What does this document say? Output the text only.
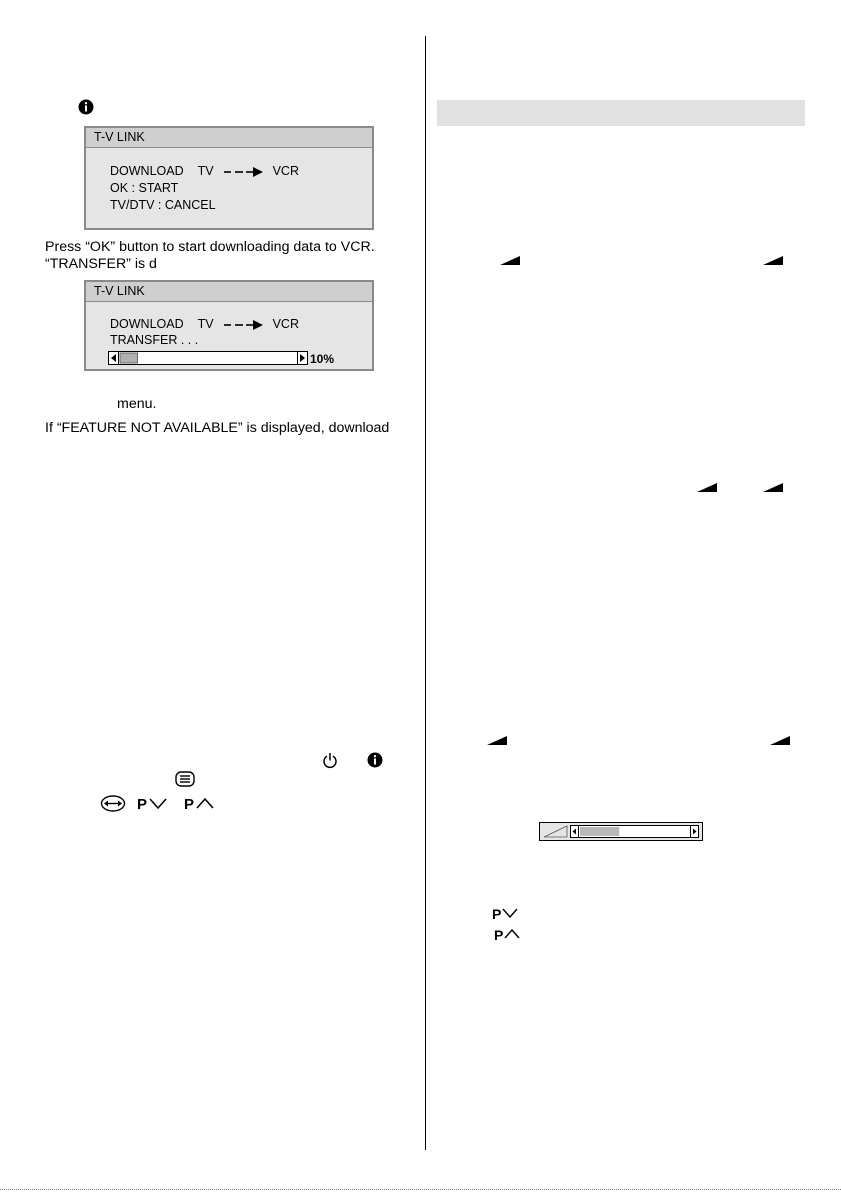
T-V LINK
DOWNLOAD TV	VCR
OK : START
TV/DTV : CANCEL
Press “OK” button to start downloading data to VCR.
“TRANSFER” is d
T-V LINK
DOWNLOAD TV	VCR
TRANSFER . . .
10%
menu.
If “FEATURE NOT AVAILABLE” is displayed, download
P P
P
P
